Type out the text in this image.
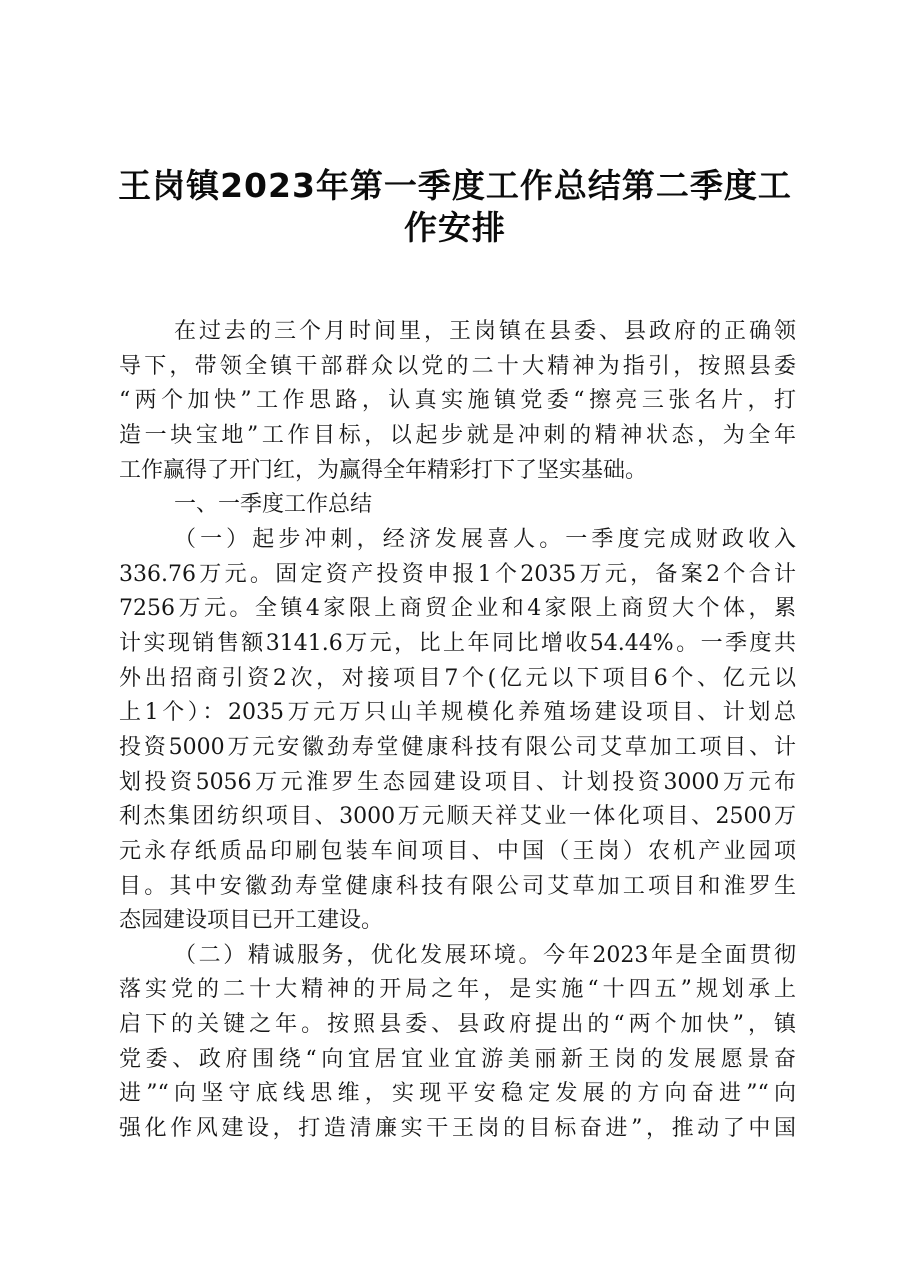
王岗镇2023年第一季度工作总结第二季度工
作安排
在过去的三个月时间里，王岗镇在县委、县政府的正确领
导下，带领全镇干部群众以党的二十大精神为指引，按照县委
“两个加快”工作思路，认真实施镇党委“擦亮三张名片，打
造一块宝地”工作目标，以起步就是冲刺的精神状态，为全年
工作赢得了开门红，为赢得全年精彩打下了坚实基础。
一、一季度工作总结
（一）起步冲刺，经济发展喜人。一季度完成财政收入
336.76万元。固定资产投资申报1个2035万元，备案2个合计
7256万元。全镇4家限上商贸企业和4家限上商贸大个体，累
计实现销售额3141.6万元，比上年同比增收54.44%。一季度共
外出招商引资2次，对接项目7个(亿元以下项目6个、亿元以
上1个）：2035万元万只山羊规模化养殖场建设项目、计划总
投资5000万元安徽劲寿堂健康科技有限公司艾草加工项目、计
划投资5056万元淮罗生态园建设项目、计划投资3000万元布
利杰集团纺织项目、3000万元顺天祥艾业一体化项目、2500万
元永存纸质品印刷包装车间项目、中国（王岗）农机产业园项
目。其中安徽劲寿堂健康科技有限公司艾草加工项目和淮罗生
态园建设项目已开工建设。
（二）精诚服务，优化发展环境。今年2023年是全面贯彻
落实党的二十大精神的开局之年，是实施“十四五”规划承上
启下的关键之年。按照县委、县政府提出的“两个加快”，镇
党委、政府围绕“向宜居宜业宜游美丽新王岗的发展愿景奋
进”“向坚守底线思维，实现平安稳定发展的方向奋进”“向
强化作风建设，打造清廉实干王岗的目标奋进”，推动了中国
